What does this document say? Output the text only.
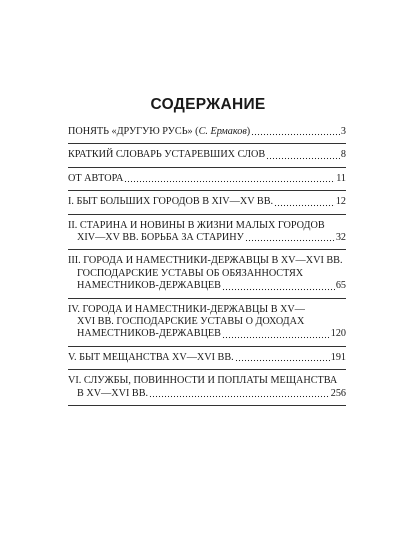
СОДЕРЖАНИЕ
ПОНЯТЬ «ДРУГУЮ РУСЬ» (С. Ермаков)	3
КРАТКИЙ СЛОВАРЬ УСТАРЕВШИХ СЛОВ	8
ОТ АВТОРА	11
I. БЫТ БОЛЬШИХ ГОРОДОВ В XIV—XV ВВ.	12
II. СТАРИНА И НОВИНЫ В ЖИЗНИ МАЛЫХ ГОРОДОВ
XIV—XV ВВ. БОРЬБА ЗА СТАРИНУ	32
III. ГОРОДА И НАМЕСТНИКИ-ДЕРЖАВЦЫ В XV—XVI ВВ.
ГОСПОДАРСКИЕ УСТАВЫ ОБ ОБЯЗАННОСТЯХ
НАМЕСТНИКОВ-ДЕРЖАВЦЕВ	65
IV. ГОРОДА И НАМЕСТНИКИ-ДЕРЖАВЦЫ В XV—
XVI ВВ. ГОСПОДАРСКИЕ УСТАВЫ О ДОХОДАХ
НАМЕСТНИКОВ-ДЕРЖАВЦЕВ	120
V. БЫТ МЕЩАНСТВА XV—XVI ВВ.	191
VI. СЛУЖБЫ, ПОВИННОСТИ И ПОПЛАТЫ МЕЩАНСТВА
В XV—XVI ВВ.	256
